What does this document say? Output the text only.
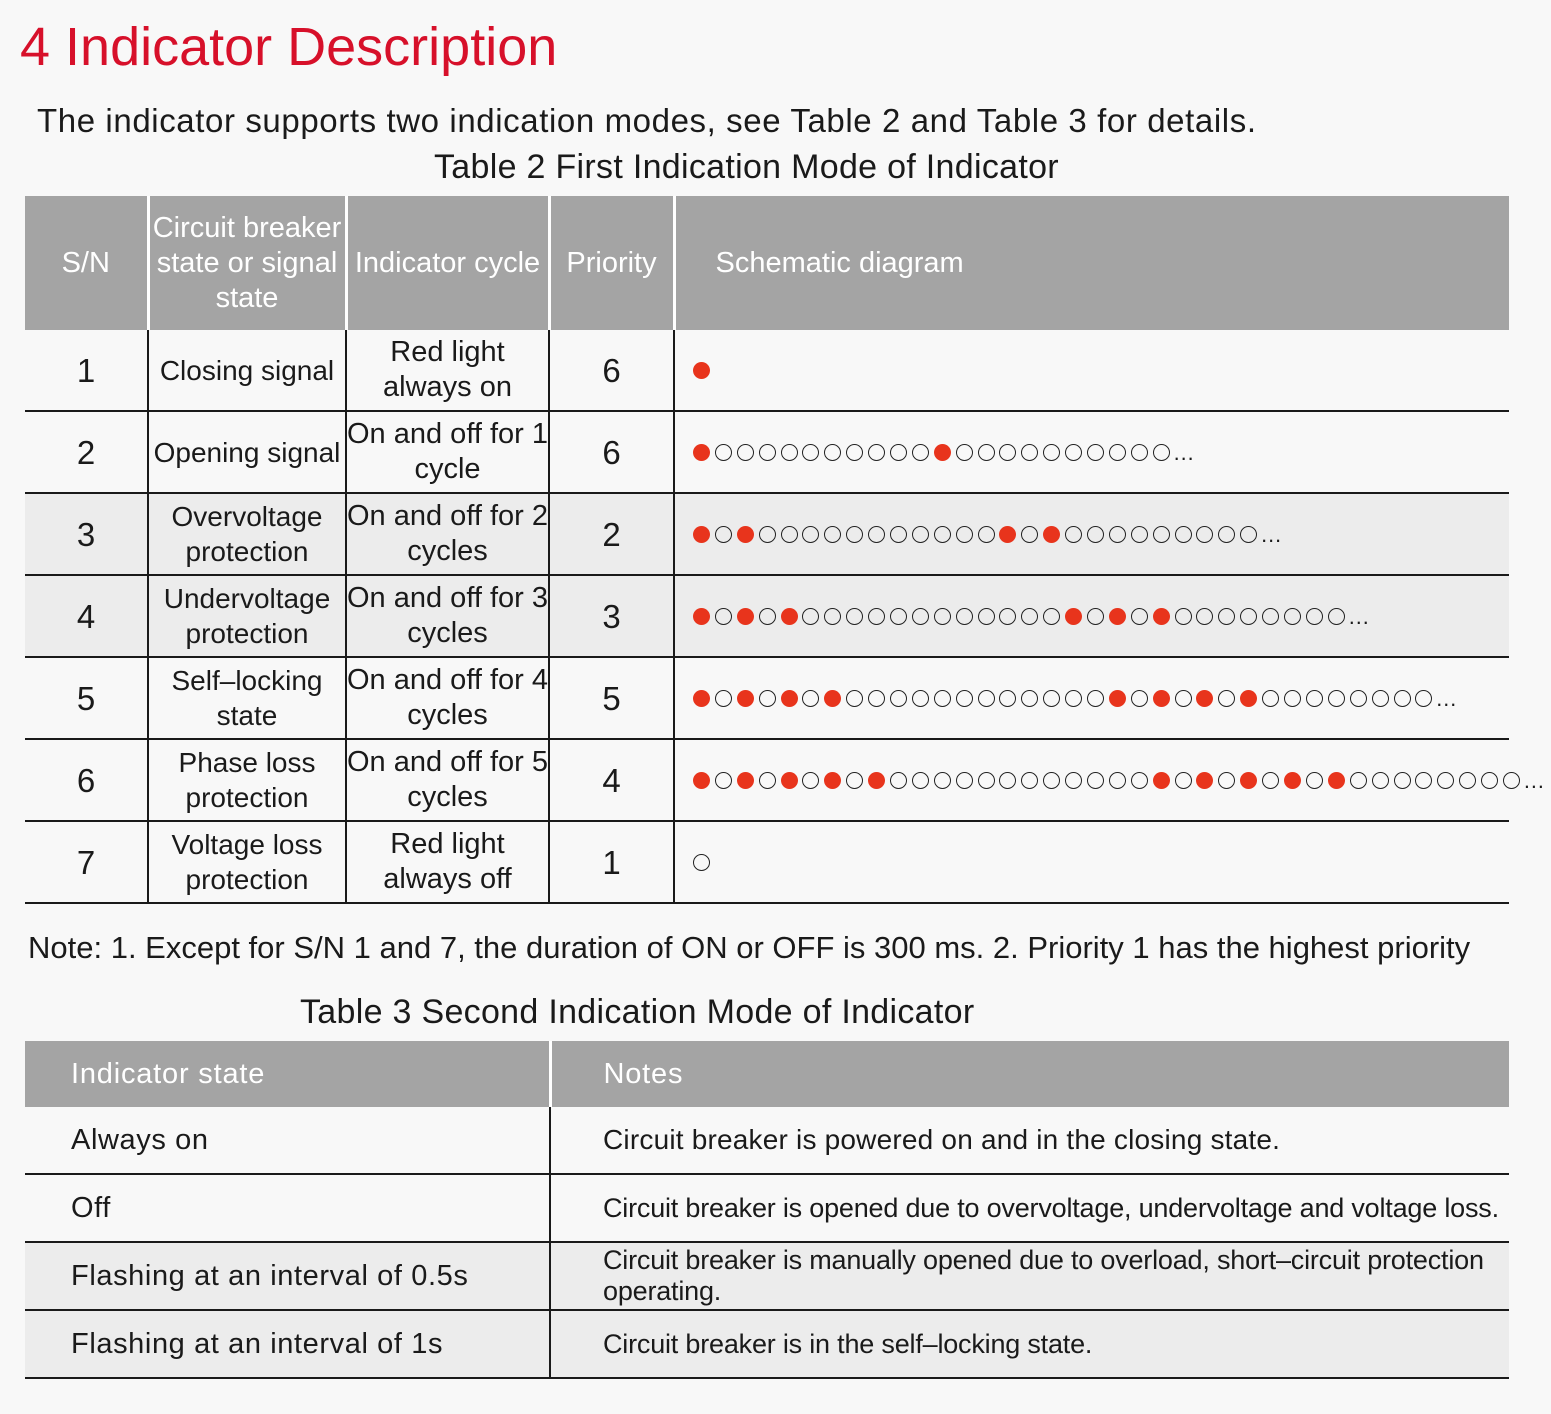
4 Indicator Description
The indicator supports two indication modes, see Table 2 and Table 3 for details.
Table 2 First Indication Mode of Indicator
S/N	Circuit breaker state or signal state	Indicator cycle	Priority	Schematic diagram
1	Closing signal	Red light always on	6	

2	Opening signal	On and off for 1 cycle	6	…

3	Overvoltage protection	On and off for 2 cycles	2	…

4	Undervoltage protection	On and off for 3 cycles	3	…

5	Self–locking state	On and off for 4 cycles	5	…

6	Phase loss protection	On and off for 5 cycles	4	…

7	Voltage loss protection	Red light always off	1	
Note: 1. Except for S/N 1 and 7, the duration of ON or OFF is 300 ms. 2. Priority 1 has the highest priority
Table 3 Second Indication Mode of Indicator
Indicator state	Notes
Always on	Circuit breaker is powered on and in the closing state.
Off	Circuit breaker is opened due to overvoltage, undervoltage and voltage loss.
Flashing at an interval of 0.5s	Circuit breaker is manually opened due to overload, short–circuit protection operating.
Flashing at an interval of 1s	Circuit breaker is in the self–locking state.
